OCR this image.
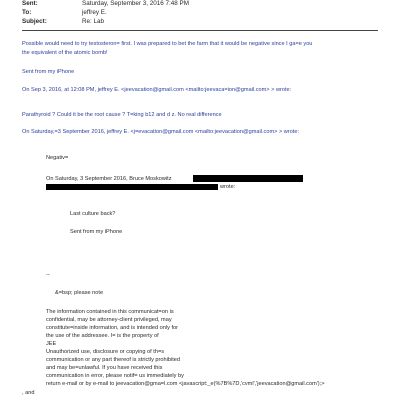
Sent:	Saturday, September 3, 2016 7:48 PM
To:	jeffrey E.
Subject:	Re: Lab
Possible would need to try testosteron= first. I was prepared to bet the farm that it would be negative since I ga=e you
the equivalent of the atomic bomb!
Sent from my iPhone
On Sep 3, 2016, at 12:08 PM, jeffrey E. <jeevacation@gmail.com <mailto:jeevaca=ion@gmail.com> > wrote:
Parathyroid ? Could it be the root cause ? T=king b12 and d z. No real difference
On Saturday,=3 September 2016, jeffrey E. <j=evacation@gmail.com <mailto:jeevacation@gmail.com> > wrote:
Negativ=
On Saturday, 3 September 2016, Bruce Moskowitz
wrote:
Last culture back?
Sent from my iPhone
--
&=bsp; please note
The information contained in this communicat=on is
confidential, may be attorney-client privileged, may
constitute=inside information, and is intended only for
the use of the addressee. I= is the property of
JEE
Unauthorized use, disclosure or copying of th=s
communication or any part thereof is strictly prohibited
and may be=unlawful. If you have received this
communication in error, please notif= us immediately by
return e-mail or by e-mail to jeevacation@gma=l.com <javascript:_e(%7B%7D,'cvml','jeevacation@gmail.com');>
, and
